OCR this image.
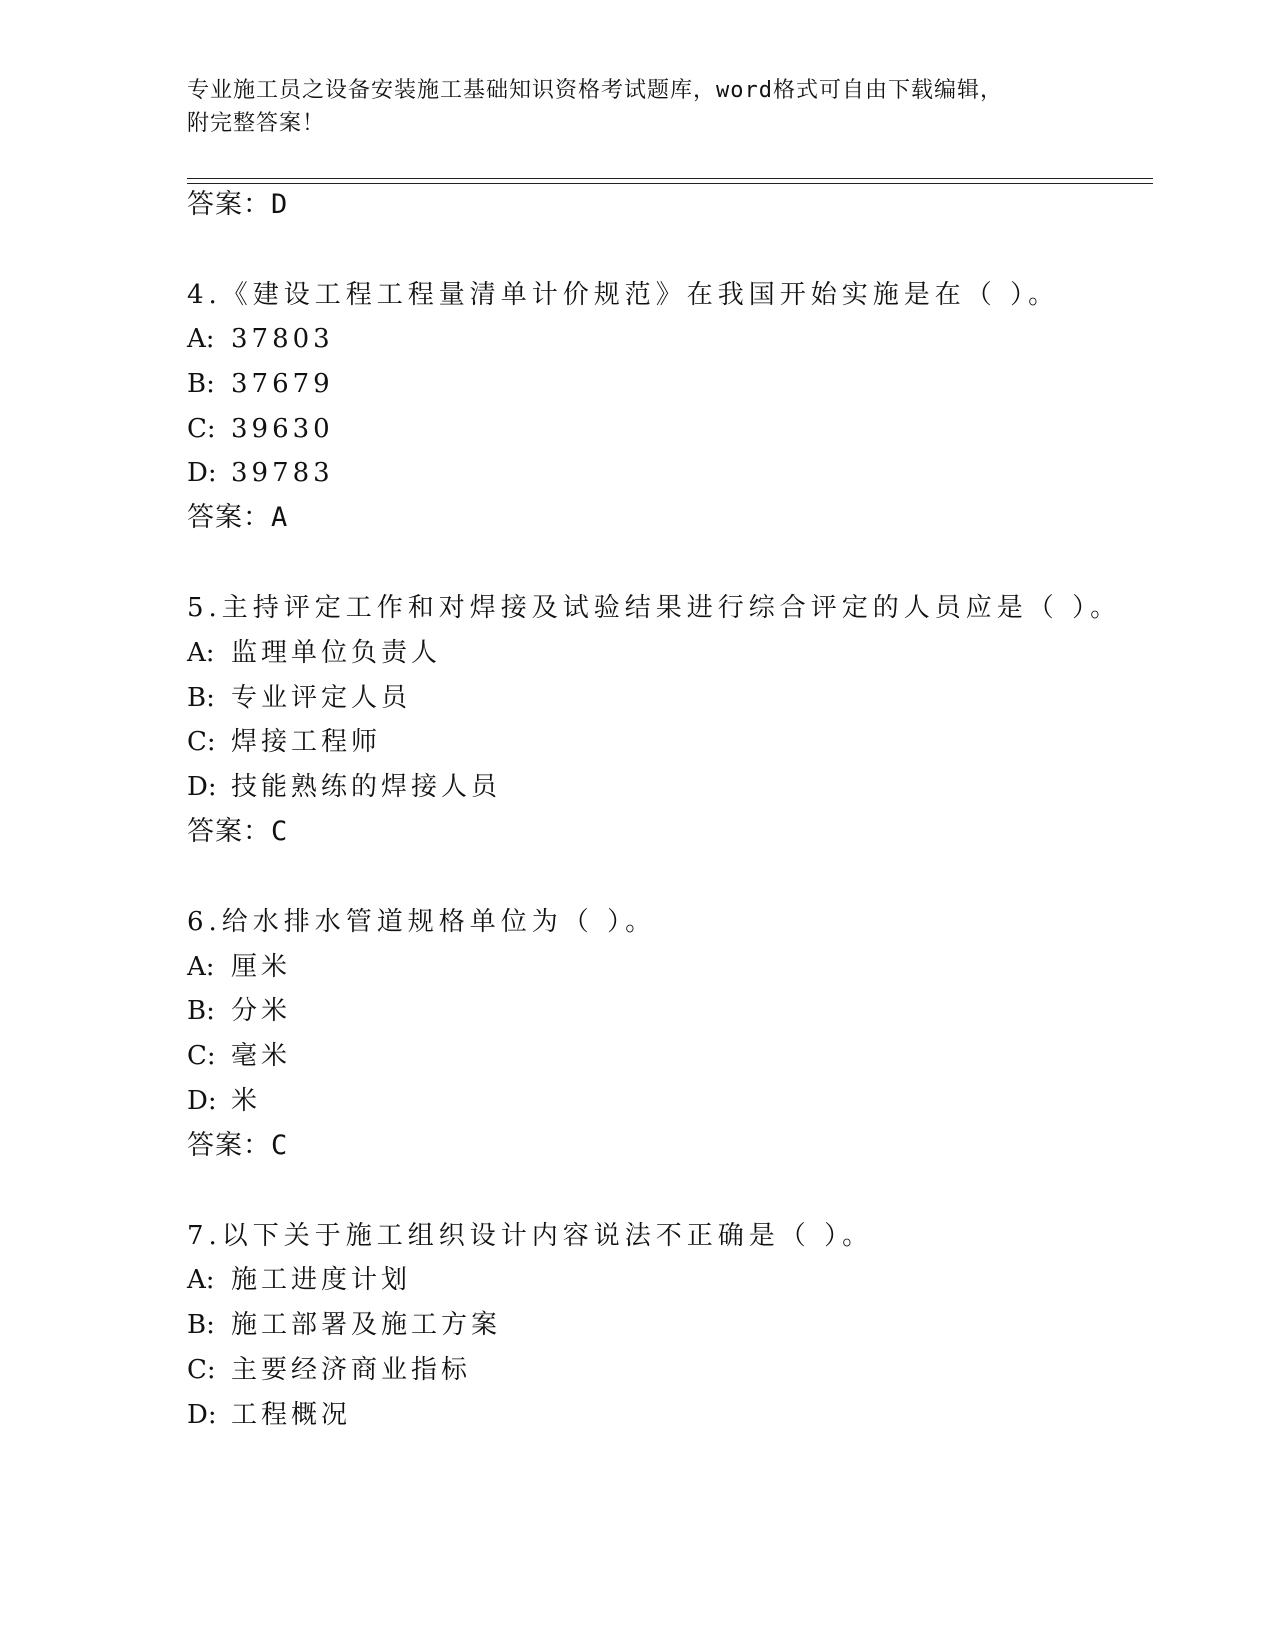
专业施工员之设备安装施工基础知识资格考试题库，word格式可自由下载编辑，
附完整答案！
答案：D
4.《建设工程工程量清单计价规范》在我国开始实施是在（ ）。
A: 37803
B: 37679
C: 39630
D: 39783
答案：A
5.主持评定工作和对焊接及试验结果进行综合评定的人员应是（ ）。
A: 监理单位负责人
B: 专业评定人员
C: 焊接工程师
D: 技能熟练的焊接人员
答案：C
6.给水排水管道规格单位为（ ）。
A: 厘米
B: 分米
C: 毫米
D: 米
答案：C
7.以下关于施工组织设计内容说法不正确是（ ）。
A: 施工进度计划
B: 施工部署及施工方案
C: 主要经济商业指标
D: 工程概况
